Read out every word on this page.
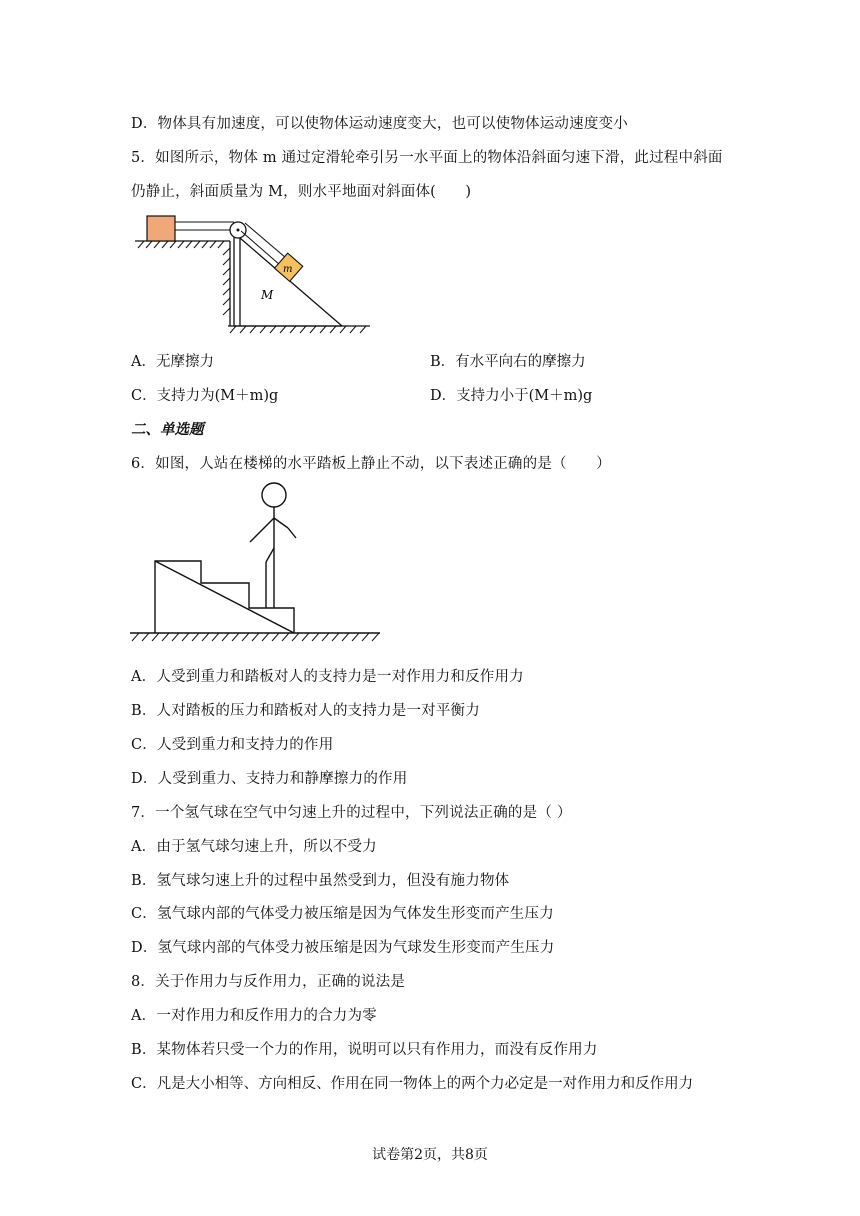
D．物体具有加速度，可以使物体运动速度变大，也可以使物体运动速度变小
5．如图所示，物体 m 通过定滑轮牵引另一水平面上的物体沿斜面匀速下滑，此过程中斜面
仍静止，斜面质量为 M，则水平地面对斜面体(　　)
m
M
A．无摩擦力	B．有水平向右的摩擦力
C．支持力为(M＋m)g	D．支持力小于(M＋m)g
二、单选题
6．如图，人站在楼梯的水平踏板上静止不动，以下表述正确的是（　　）
A．人受到重力和踏板对人的支持力是一对作用力和反作用力
B．人对踏板的压力和踏板对人的支持力是一对平衡力
C．人受到重力和支持力的作用
D．人受到重力、支持力和静摩擦力的作用
7．一个氢气球在空气中匀速上升的过程中，下列说法正确的是（ ）
A．由于氢气球匀速上升，所以不受力
B．氢气球匀速上升的过程中虽然受到力，但没有施力物体
C．氢气球内部的气体受力被压缩是因为气体发生形变而产生压力
D．氢气球内部的气体受力被压缩是因为气球发生形变而产生压力
8．关于作用力与反作用力，正确的说法是
A．一对作用力和反作用力的合力为零
B．某物体若只受一个力的作用，说明可以只有作用力，而没有反作用力
C．凡是大小相等、方向相反、作用在同一物体上的两个力必定是一对作用力和反作用力
试卷第2页，共8页
